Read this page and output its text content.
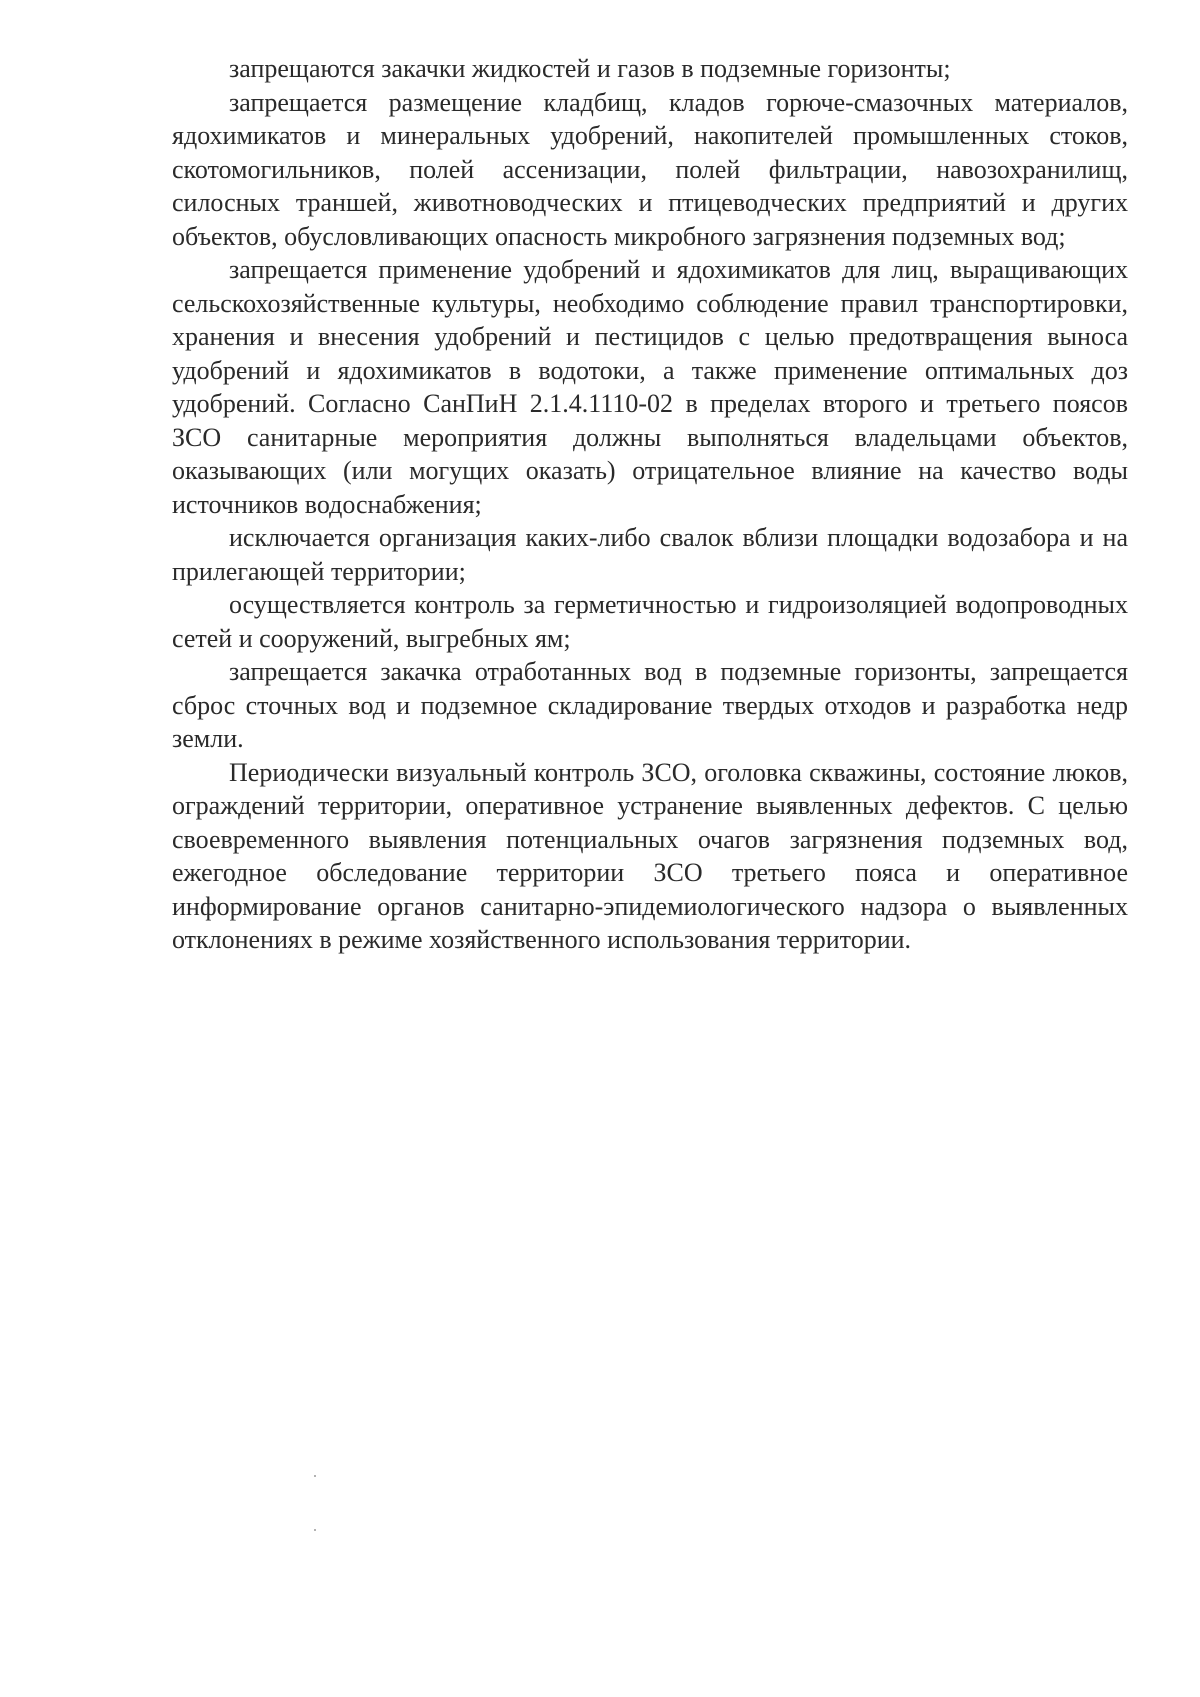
запрещаются закачки жидкостей и газов в подземные горизонты;

запрещается размещение кладбищ, кладов горюче-смазочных материалов, ядохимикатов и минеральных удобрений, накопителей промышленных стоков, скотомогильников, полей ассенизации, полей фильтрации, навозохранилищ, силосных траншей, животноводческих и птицеводческих предприятий и других объектов, обусловливающих опасность микробного загрязнения подземных вод;

запрещается применение удобрений и ядохимикатов для лиц, выращивающих сельскохозяйственные культуры, необходимо соблюдение правил транспортировки, хранения и внесения удобрений и пестицидов с целью предотвращения выноса удобрений и ядохимикатов в водотоки, а также применение оптимальных доз удобрений. Согласно СанПиН 2.1.4.1110-02 в пределах второго и третьего поясов ЗСО санитарные мероприятия должны выполняться владельцами объектов, оказывающих (или могущих оказать) отрицательное влияние на качество воды источников водоснабжения;

исключается организация каких-либо свалок вблизи площадки водозабора и на прилегающей территории;

осуществляется контроль за герметичностью и гидроизоляцией водопроводных сетей и сооружений, выгребных ям;

запрещается закачка отработанных вод в подземные горизонты, запрещается сброс сточных вод и подземное складирование твердых отходов и разработка недр земли.

Периодически визуальный контроль ЗСО, оголовка скважины, состояние люков, ограждений территории, оперативное устранение выявленных дефектов. С целью своевременного выявления потенциальных очагов загрязнения подземных вод, ежегодное обследование территории ЗСО третьего пояса и оперативное информирование органов санитарно-эпидемиологического надзора о выявленных отклонениях в режиме хозяйственного использования территории.
